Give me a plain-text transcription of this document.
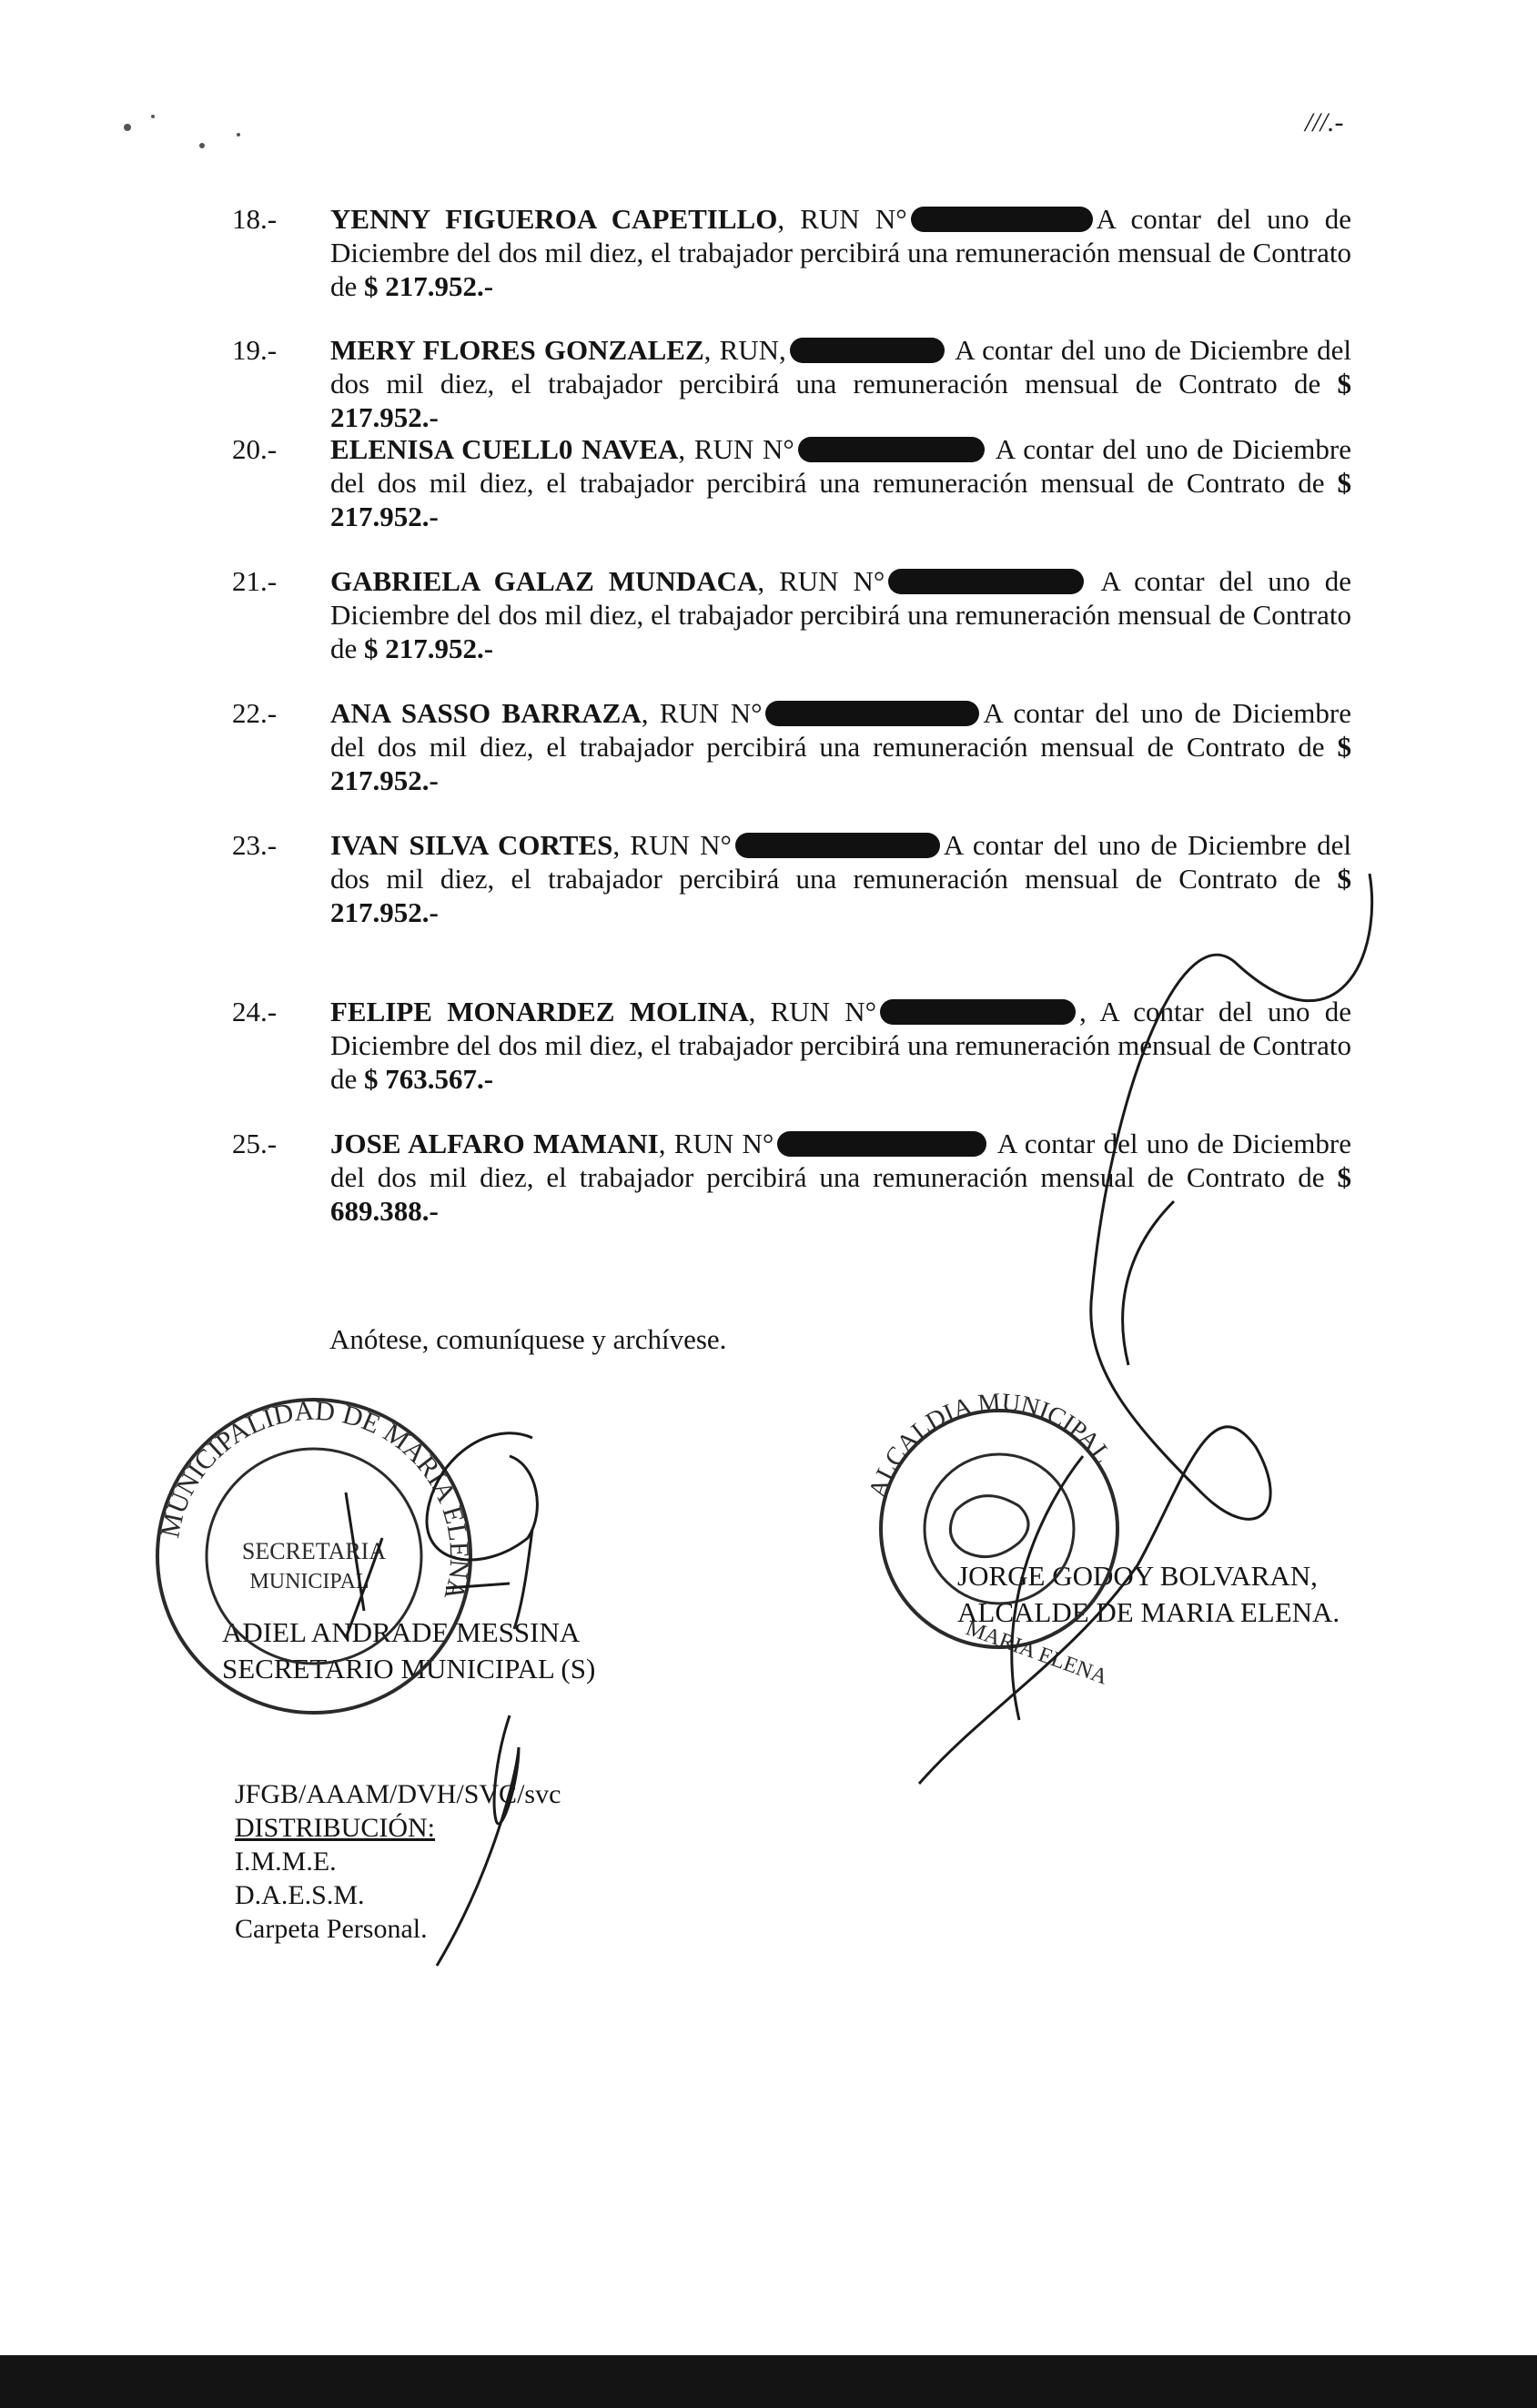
///.-
18.- YENNY FIGUEROA CAPETILLO, RUN N°	A contar del uno de Diciembre del dos mil diez, el trabajador percibirá una remuneración mensual de Contrato de $ 217.952.-
19.- MERY FLORES GONZALEZ, RUN,	A contar del uno de Diciembre del dos mil diez, el trabajador percibirá una remuneración mensual de Contrato de $ 217.952.-
20.- ELENISA CUELL0 NAVEA, RUN N°	A contar del uno de Diciembre del dos mil diez, el trabajador percibirá una remuneración mensual de Contrato de $ 217.952.-
21.- GABRIELA GALAZ MUNDACA, RUN N°	A contar del uno de Diciembre del dos mil diez, el trabajador percibirá una remuneración mensual de Contrato de $ 217.952.-
22.- ANA SASSO BARRAZA, RUN N°	A contar del uno de Diciembre del dos mil diez, el trabajador percibirá una remuneración mensual de Contrato de $ 217.952.-
23.- IVAN SILVA CORTES, RUN N°	A contar del uno de Diciembre del dos mil diez, el trabajador percibirá una remuneración mensual de Contrato de $ 217.952.-
24.- FELIPE MONARDEZ MOLINA, RUN N°	, A contar del uno de Diciembre del dos mil diez, el trabajador percibirá una remuneración mensual de Contrato de $ 763.567.-
25.- JOSE ALFARO MAMANI, RUN N°	A contar del uno de Diciembre del dos mil diez, el trabajador percibirá una remuneración mensual de Contrato de $ 689.388.-
Anótese, comuníquese y archívese.
ADIEL ANDRADE MESSINA
SECRETARIO MUNICIPAL (S)
JORGE GODOY BOLVARAN,
ALCALDE DE MARIA ELENA.
JFGB/AAAM/DVH/SVC/svc
DISTRIBUCIÓN:
I.M.M.E.
D.A.E.S.M.
Carpeta Personal.
MUNICIPALIDAD DE MARIA ELENA
SECRETARIA
MUNICIPAL
ALCALDIA MUNICIPAL
MARIA ELENA
